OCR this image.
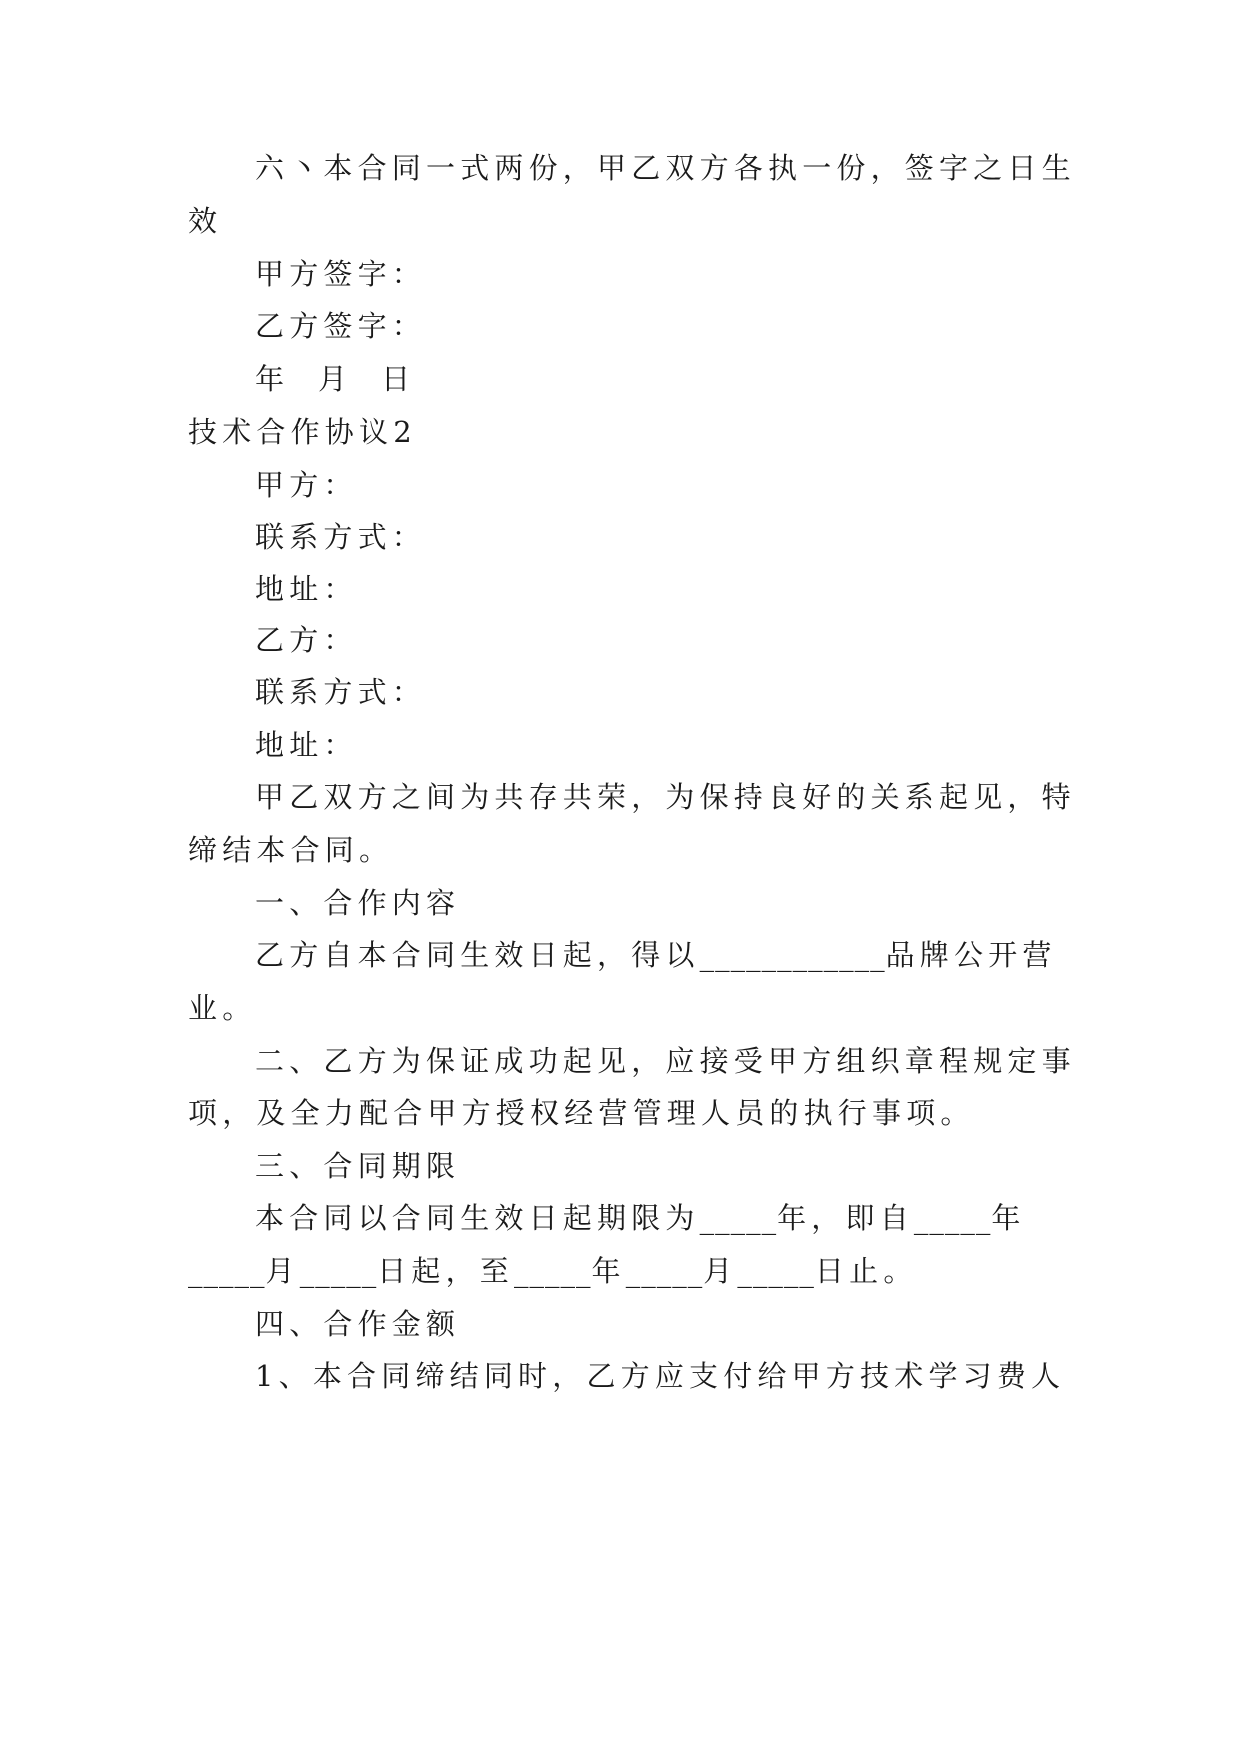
六丶本合同一式两份，甲乙双方各执一份，签字之日生
效
甲方签字：
乙方签字：
年  月  日
技术合作协议2
甲方：
联系方式：
地址：
乙方：
联系方式：
地址：
甲乙双方之间为共存共荣，为保持良好的关系起见，特
缔结本合同。
一、合作内容
乙方自本合同生效日起，得以____________品牌公开营
业。
二、乙方为保证成功起见，应接受甲方组织章程规定事
项，及全力配合甲方授权经营管理人员的执行事项。
三、合同期限
本合同以合同生效日起期限为_____年，即自_____年
_____月_____日起，至_____年_____月_____日止。
四、合作金额
1、本合同缔结同时，乙方应支付给甲方技术学习费人
